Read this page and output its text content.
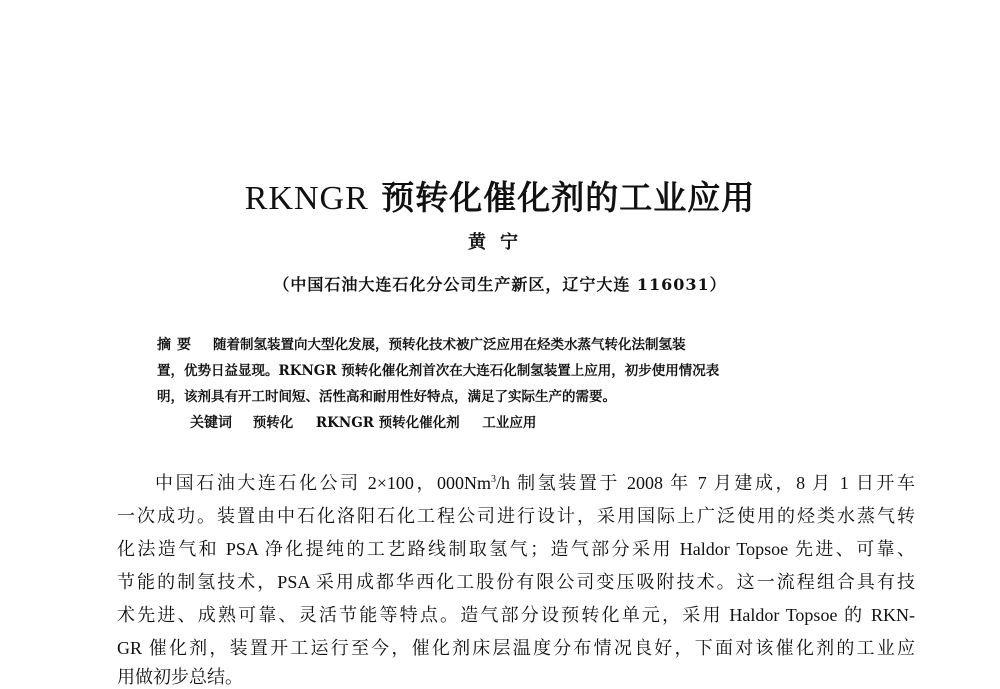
RKNGR 预转化催化剂的工业应用
黄宁
（中国石油大连石化分公司生产新区，辽宁大连 116031）
摘要 随着制氢装置向大型化发展，预转化技术被广泛应用在烃类水蒸气转化法制氢装
置，优势日益显现。RKNGR 预转化催化剂首次在大连石化制氢装置上应用，初步使用情况表
明，该剂具有开工时间短、活性高和耐用性好特点，满足了实际生产的需要。
关键词 预转化 RKNGR 预转化催化剂 工业应用
中国石油大连石化公司 2×100，000Nm$^3$/h 制氢装置于 2008 年 7 月建成，8 月 1 日开车
一次成功。装置由中石化洛阳石化工程公司进行设计，采用国际上广泛使用的烃类水蒸气转
化法造气和 PSA 净化提纯的工艺路线制取氢气；造气部分采用 Haldor Topsoe 先进、可靠、
节能的制氢技术，PSA 采用成都华西化工股份有限公司变压吸附技术。这一流程组合具有技
术先进、成熟可靠、灵活节能等特点。造气部分设预转化单元，采用 Haldor Topsoe 的 RKN-
GR 催化剂，装置开工运行至今，催化剂床层温度分布情况良好，下面对该催化剂的工业应
用做初步总结。
